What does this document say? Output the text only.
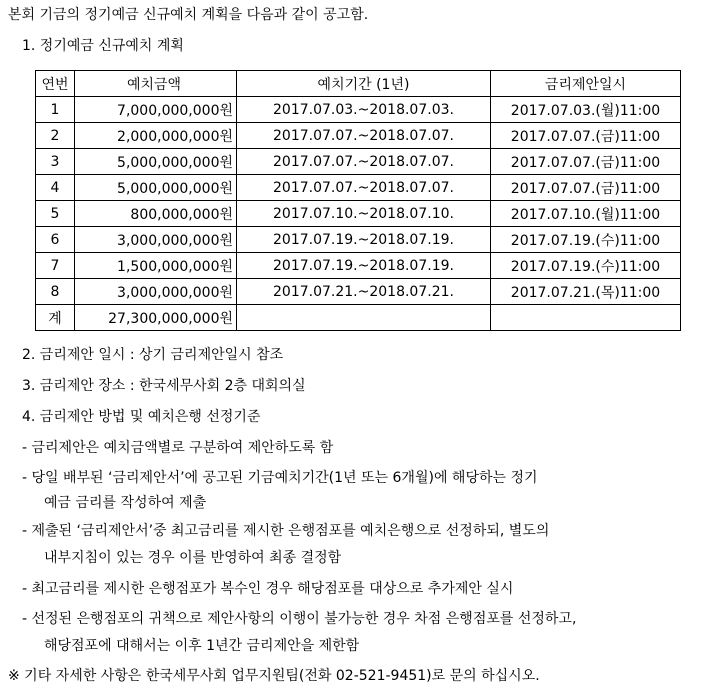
본회 기금의 정기예금 신규예치 계획을 다음과 같이 공고함.
1. 정기예금 신규예치 계획
연번	예치금액	예치기간 (1년)	금리제안일시
1	7,000,000,000원	2017.07.03.~2018.07.03.	2017.07.03.(월)11:00
2	2,000,000,000원	2017.07.07.~2018.07.07.	2017.07.07.(금)11:00
3	5,000,000,000원	2017.07.07.~2018.07.07.	2017.07.07.(금)11:00
4	5,000,000,000원	2017.07.07.~2018.07.07.	2017.07.07.(금)11:00
5	800,000,000원	2017.07.10.~2018.07.10.	2017.07.10.(월)11:00
6	3,000,000,000원	2017.07.19.~2018.07.19.	2017.07.19.(수)11:00
7	1,500,000,000원	2017.07.19.~2018.07.19.	2017.07.19.(수)11:00
8	3,000,000,000원	2017.07.21.~2018.07.21.	2017.07.21.(목)11:00
계	27,300,000,000원		
2. 금리제안 일시 : 상기 금리제안일시 참조
3. 금리제안 장소 : 한국세무사회 2층 대회의실
4. 금리제안 방법 및 예치은행 선정기준
- 금리제안은 예치금액별로 구분하여 제안하도록 함
- 당일 배부된 ‘금리제안서’에 공고된 기금예치기간(1년 또는 6개월)에 해당하는 정기
예금 금리를 작성하여 제출
- 제출된 ‘금리제안서’중 최고금리를 제시한 은행점포를 예치은행으로 선정하되, 별도의
내부지침이 있는 경우 이를 반영하여 최종 결정함
- 최고금리를 제시한 은행점포가 복수인 경우 해당점포를 대상으로 추가제안 실시
- 선정된 은행점포의 귀책으로 제안사항의 이행이 불가능한 경우 차점 은행점포를 선정하고,
해당점포에 대해서는 이후 1년간 금리제안을 제한함
※ 기타 자세한 사항은 한국세무사회 업무지원팀(전화 02-521-9451)로 문의 하십시오.
